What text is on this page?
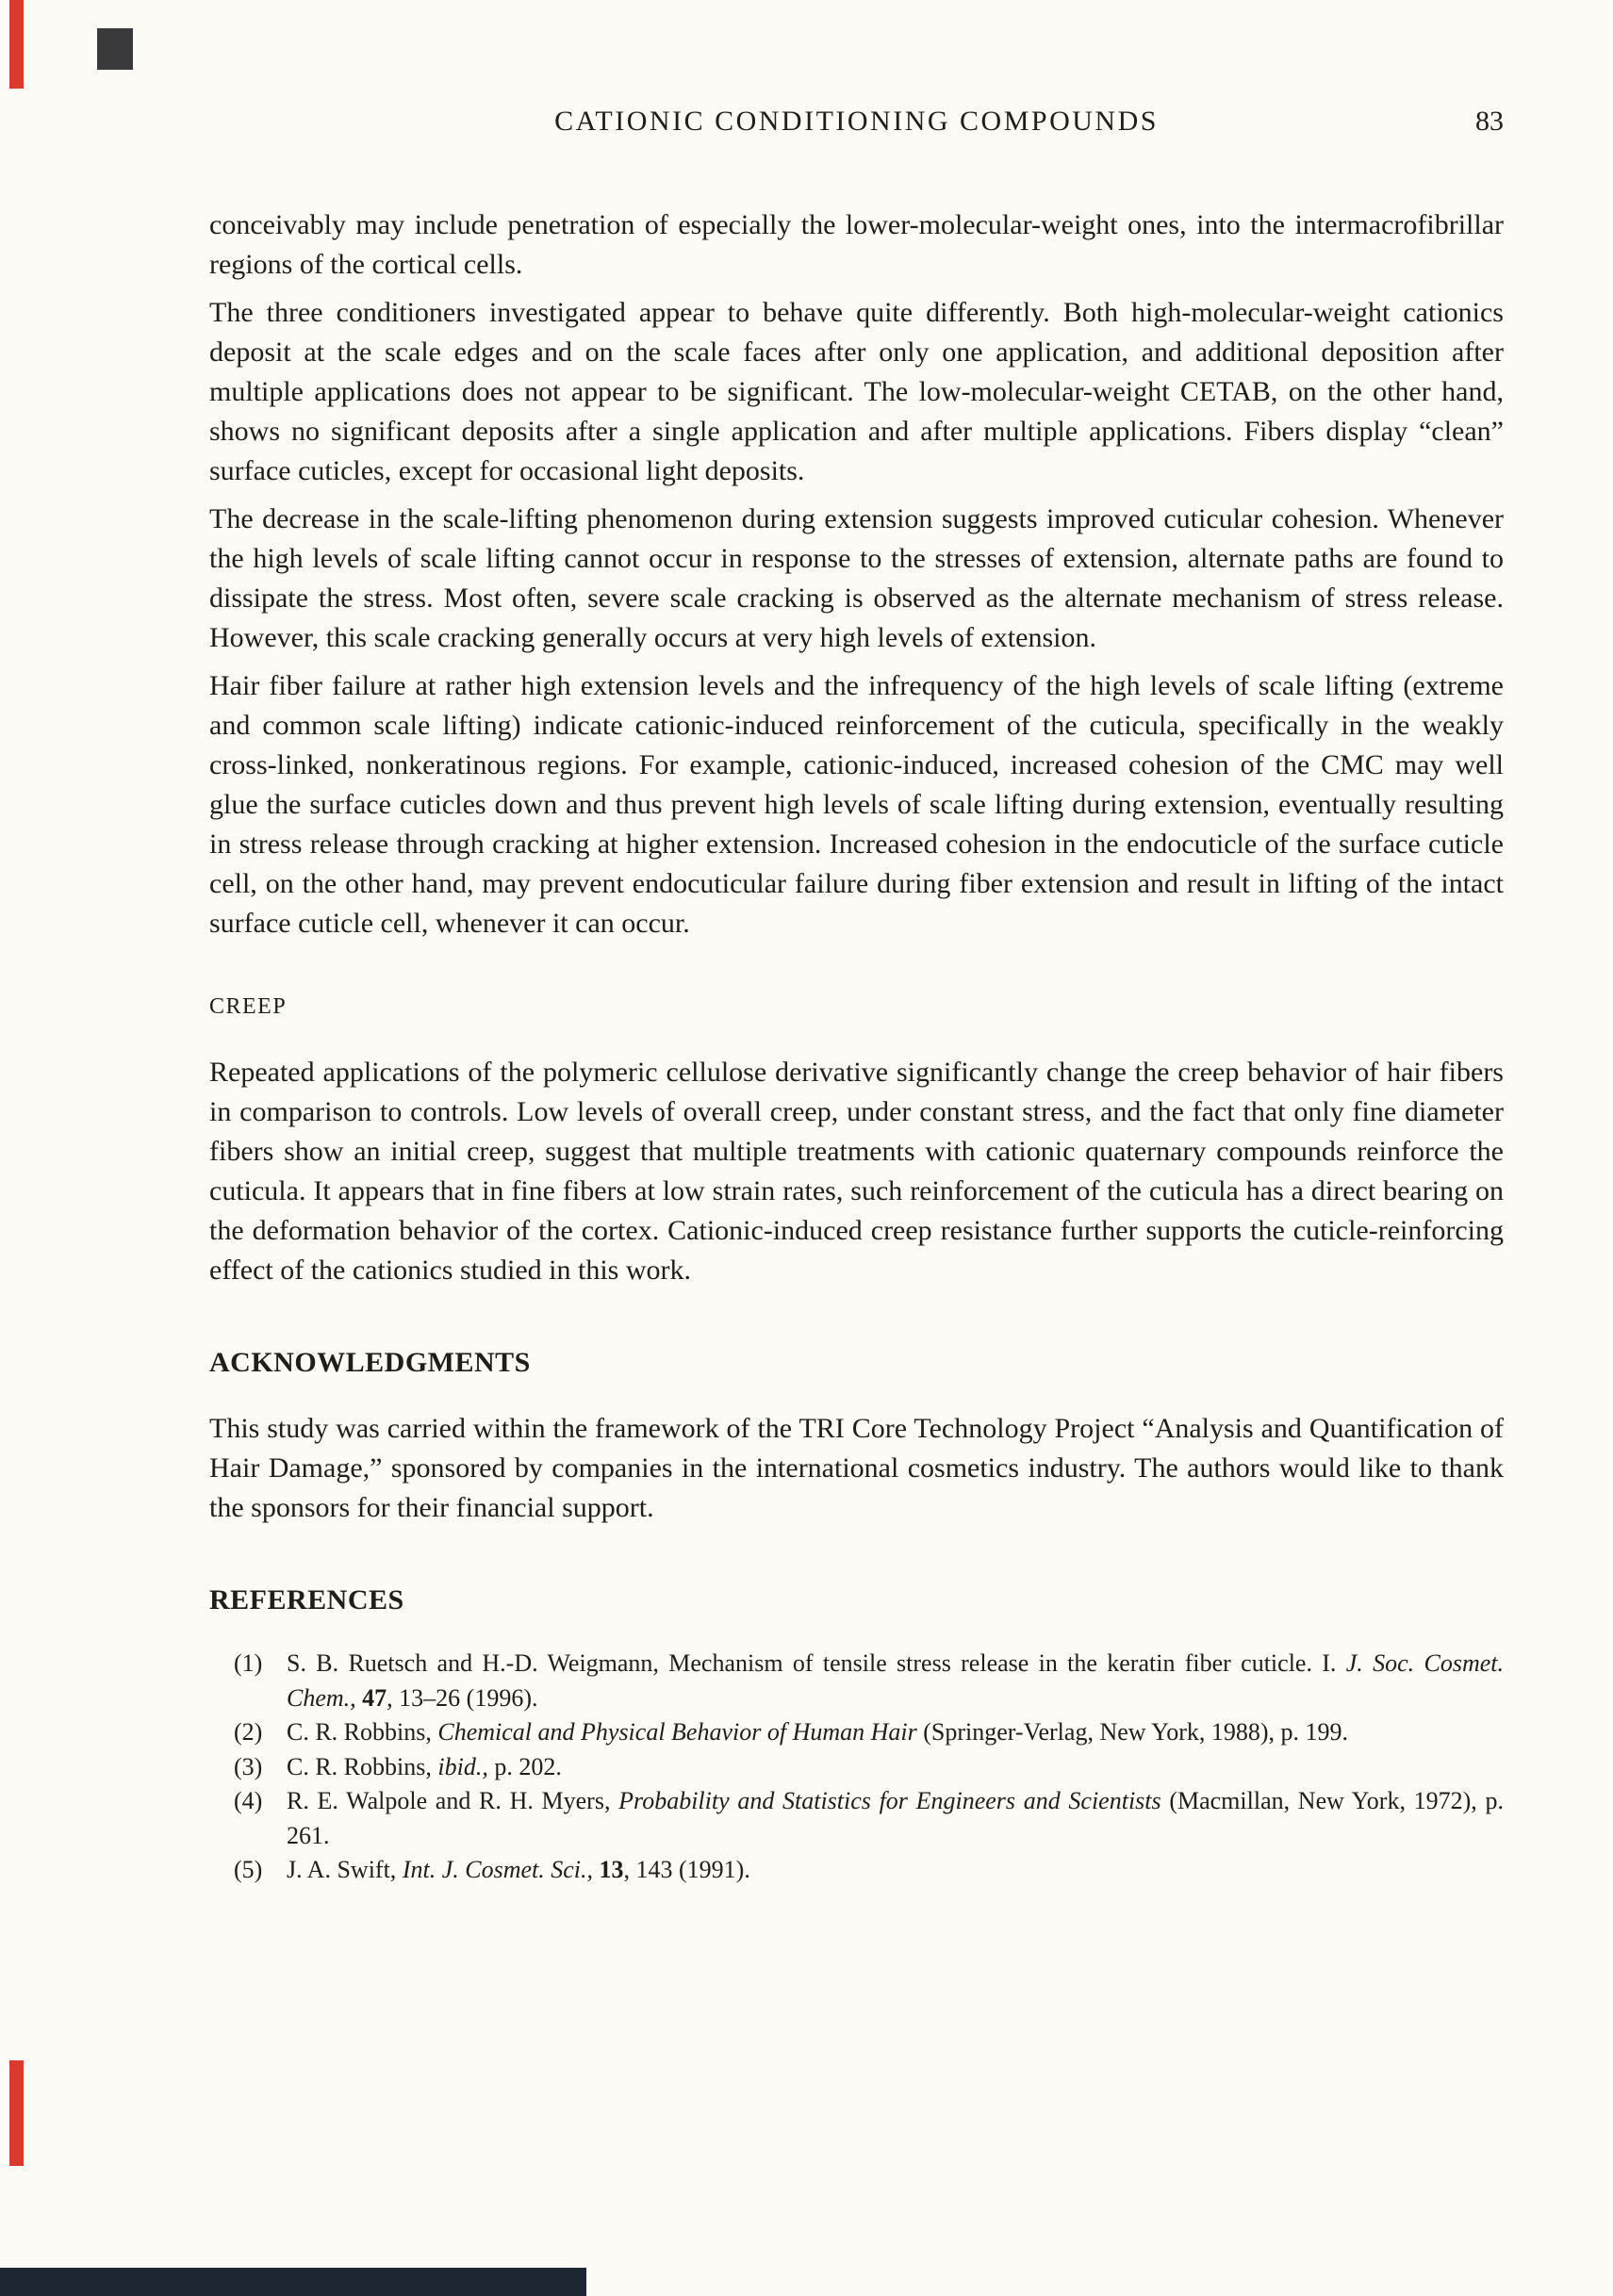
CATIONIC CONDITIONING COMPOUNDS	83

conceivably may include penetration of especially the lower-molecular-weight ones, into the intermacrofibrillar regions of the cortical cells.

The three conditioners investigated appear to behave quite differently. Both high-molecular-weight cationics deposit at the scale edges and on the scale faces after only one application, and additional deposition after multiple applications does not appear to be significant. The low-molecular-weight CETAB, on the other hand, shows no significant deposits after a single application and after multiple applications. Fibers display “clean” surface cuticles, except for occasional light deposits.

The decrease in the scale-lifting phenomenon during extension suggests improved cuticular cohesion. Whenever the high levels of scale lifting cannot occur in response to the stresses of extension, alternate paths are found to dissipate the stress. Most often, severe scale cracking is observed as the alternate mechanism of stress release. However, this scale cracking generally occurs at very high levels of extension.

Hair fiber failure at rather high extension levels and the infrequency of the high levels of scale lifting (extreme and common scale lifting) indicate cationic-induced reinforcement of the cuticula, specifically in the weakly cross-linked, nonkeratinous regions. For example, cationic-induced, increased cohesion of the CMC may well glue the surface cuticles down and thus prevent high levels of scale lifting during extension, eventually resulting in stress release through cracking at higher extension. Increased cohesion in the endocuticle of the surface cuticle cell, on the other hand, may prevent endocuticular failure during fiber extension and result in lifting of the intact surface cuticle cell, whenever it can occur.

CREEP

Repeated applications of the polymeric cellulose derivative significantly change the creep behavior of hair fibers in comparison to controls. Low levels of overall creep, under constant stress, and the fact that only fine diameter fibers show an initial creep, suggest that multiple treatments with cationic quaternary compounds reinforce the cuticula. It appears that in fine fibers at low strain rates, such reinforcement of the cuticula has a direct bearing on the deformation behavior of the cortex. Cationic-induced creep resistance further supports the cuticle-reinforcing effect of the cationics studied in this work.

ACKNOWLEDGMENTS

This study was carried within the framework of the TRI Core Technology Project “Analysis and Quantification of Hair Damage,” sponsored by companies in the international cosmetics industry. The authors would like to thank the sponsors for their financial support.

REFERENCES
(1) S. B. Ruetsch and H.-D. Weigmann, Mechanism of tensile stress release in the keratin fiber cuticle. I. J. Soc. Cosmet. Chem., 47, 13–26 (1996).
(2) C. R. Robbins, Chemical and Physical Behavior of Human Hair (Springer-Verlag, New York, 1988), p. 199.
(3) C. R. Robbins, ibid., p. 202.
(4) R. E. Walpole and R. H. Myers, Probability and Statistics for Engineers and Scientists (Macmillan, New York, 1972), p. 261.
(5) J. A. Swift, Int. J. Cosmet. Sci., 13, 143 (1991).
